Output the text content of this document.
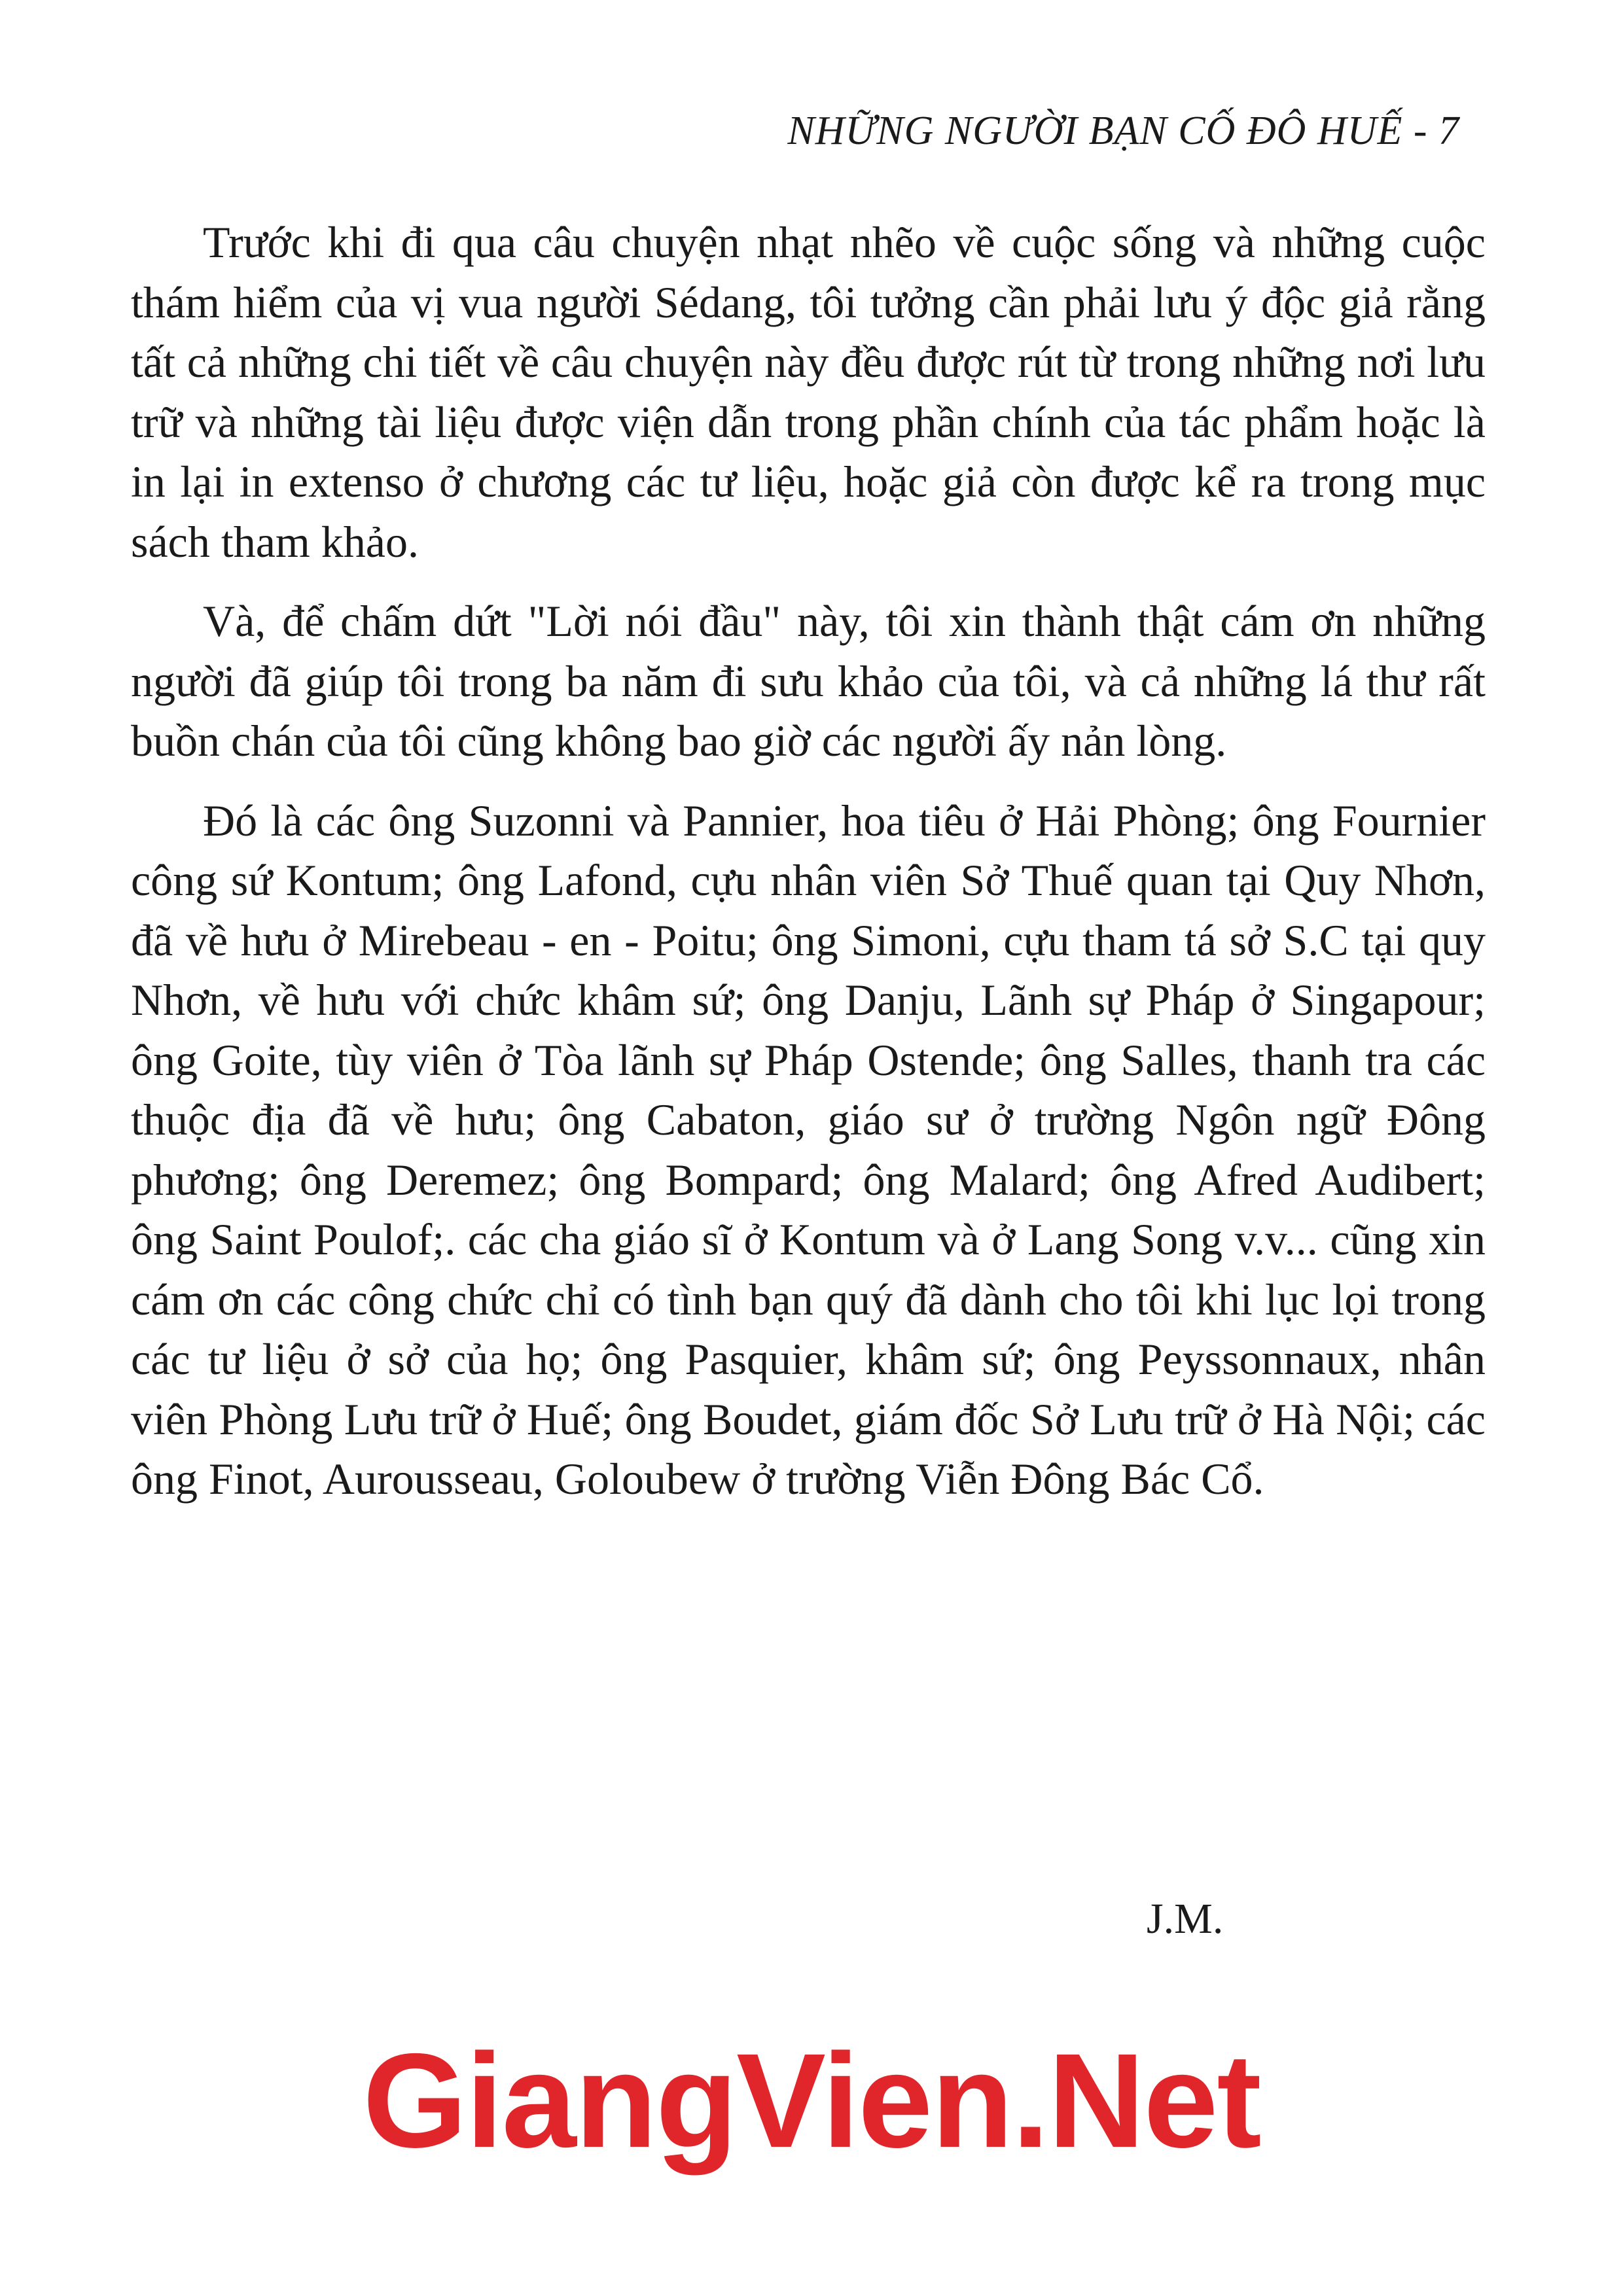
NHỮNG NGƯỜI BẠN CỐ ĐÔ HUẾ - 7

Trước khi đi qua câu chuyện nhạt nhẽo về cuộc sống và những cuộc thám hiểm của vị vua người Sédang, tôi tưởng cần phải lưu ý độc giả rằng tất cả những chi tiết về câu chuyện này đều được rút từ trong những nơi lưu trữ và những tài liệu được viện dẫn trong phần chính của tác phẩm hoặc là in lại in extenso ở chương các tư liệu, hoặc giả còn được kể ra trong mục sách tham khảo.

Và, để chấm dứt "Lời nói đầu" này, tôi xin thành thật cám ơn những người đã giúp tôi trong ba năm đi sưu khảo của tôi, và cả những lá thư rất buồn chán của tôi cũng không bao giờ các người ấy nản lòng.

Đó là các ông Suzonni và Pannier, hoa tiêu ở Hải Phòng; ông Fournier công sứ Kontum; ông Lafond, cựu nhân viên Sở Thuế quan tại Quy Nhơn, đã về hưu ở Mirebeau - en - Poitu; ông Simoni, cựu tham tá sở S.C tại quy Nhơn, về hưu với chức khâm sứ; ông Danju, Lãnh sự Pháp ở Singapour; ông Goite, tùy viên ở Tòa lãnh sự Pháp Ostende; ông Salles, thanh tra các thuộc địa đã về hưu; ông Cabaton, giáo sư ở trường Ngôn ngữ Đông phương; ông Deremez; ông Bompard; ông Malard; ông Afred Audibert; ông Saint Poulof;. các cha giáo sĩ ở Kontum và ở Lang Song v.v... cũng xin cám ơn các công chức chỉ có tình bạn quý đã dành cho tôi khi lục lọi trong các tư liệu ở sở của họ; ông Pasquier, khâm sứ; ông Peyssonnaux, nhân viên Phòng Lưu trữ ở Huế; ông Boudet, giám đốc Sở Lưu trữ ở Hà Nội; các ông Finot, Aurousseau, Goloubew ở trường Viễn Đông Bác Cổ.

J.M.
GiangVien.Net
